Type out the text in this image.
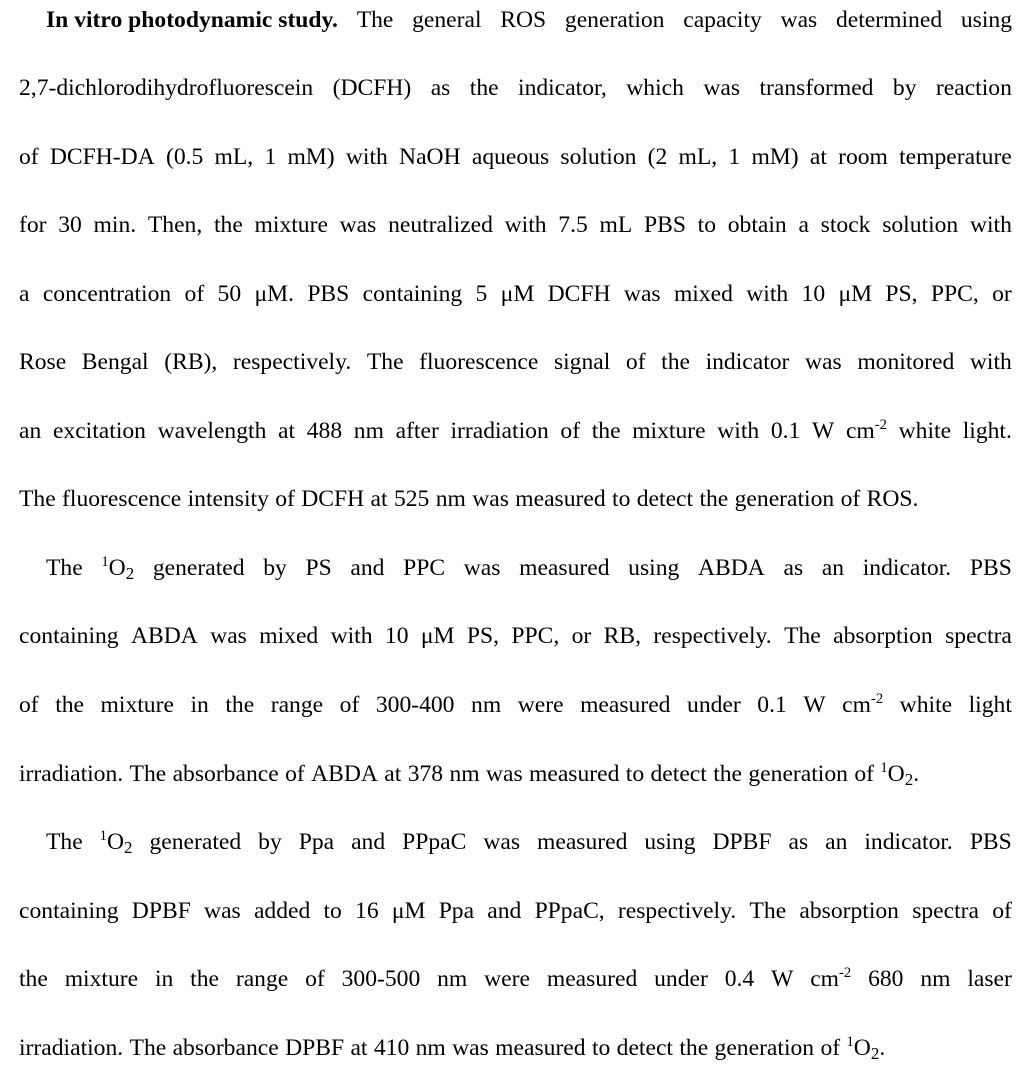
In vitro photodynamic study. The general ROS generation capacity was determined using
2,7-dichlorodihydrofluorescein (DCFH) as the indicator, which was transformed by reaction
of DCFH-DA (0.5 mL, 1 mM) with NaOH aqueous solution (2 mL, 1 mM) at room temperature
for 30 min. Then, the mixture was neutralized with 7.5 mL PBS to obtain a stock solution with
a concentration of 50 μM. PBS containing 5 μM DCFH was mixed with 10 μM PS, PPC, or
Rose Bengal (RB), respectively. The fluorescence signal of the indicator was monitored with
an excitation wavelength at 488 nm after irradiation of the mixture with 0.1 W $cm^{-2}$ white light.
The fluorescence intensity of DCFH at 525 nm was measured to detect the generation of ROS.
The $^1O_2$ generated by PS and PPC was measured using ABDA as an indicator. PBS
containing ABDA was mixed with 10 μM PS, PPC, or RB, respectively. The absorption spectra
of the mixture in the range of 300-400 nm were measured under 0.1 W $cm^{-2}$ white light
irradiation. The absorbance of ABDA at 378 nm was measured to detect the generation of $^1O_2$.
The $^1O_2$ generated by Ppa and PPpaC was measured using DPBF as an indicator. PBS
containing DPBF was added to 16 μM Ppa and PPpaC, respectively. The absorption spectra of
the mixture in the range of 300-500 nm were measured under 0.4 W $cm^{-2}$ 680 nm laser
irradiation. The absorbance DPBF at 410 nm was measured to detect the generation of $^1O_2$.
